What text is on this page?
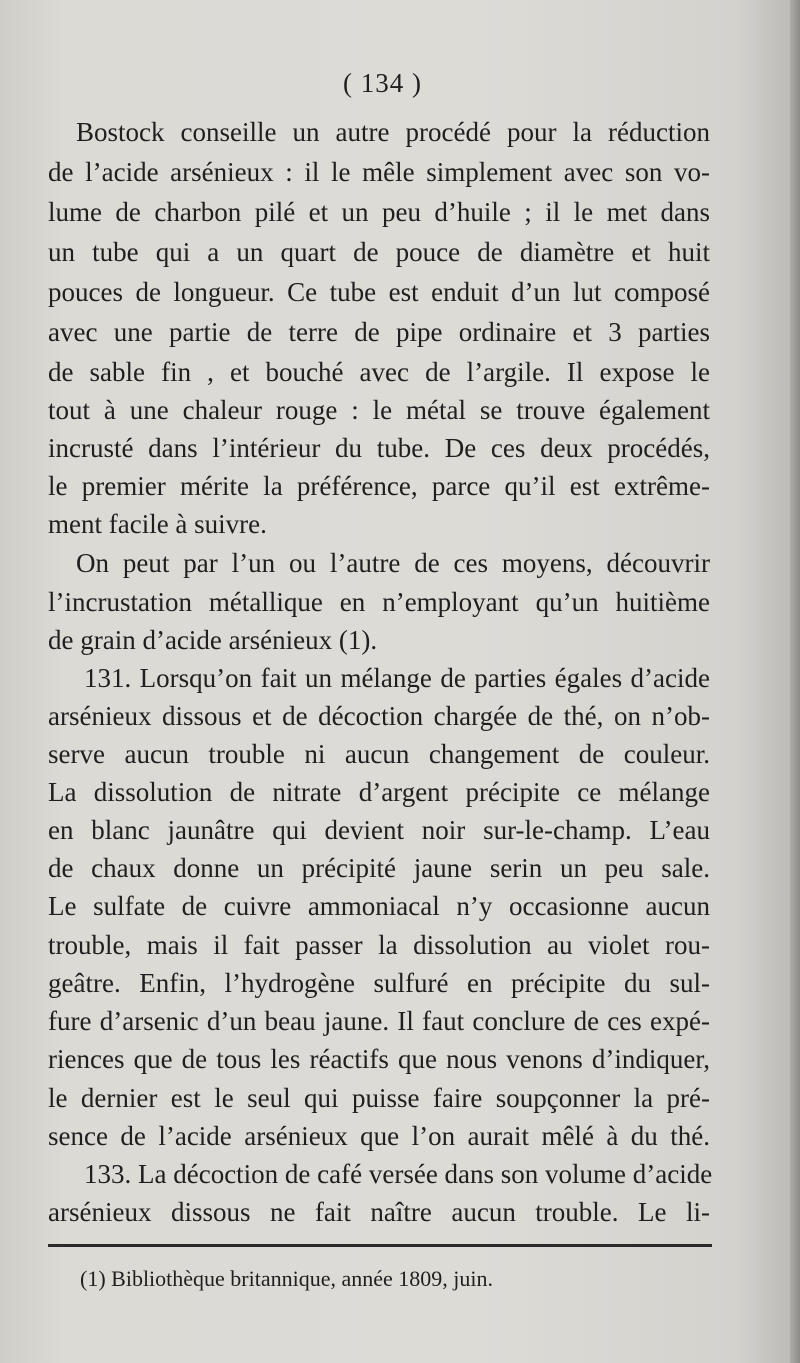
( 134 )
Bostock conseille un autre procédé pour la réduction
de l’acide arsénieux : il le mêle simplement avec son vo-
lume de charbon pilé et un peu d’huile ; il le met dans
un tube qui a un quart de pouce de diamètre et huit
pouces de longueur. Ce tube est enduit d’un lut composé
avec une partie de terre de pipe ordinaire et 3 parties
de sable fin , et bouché avec de l’argile. Il expose le
tout à une chaleur rouge : le métal se trouve également
incrusté dans l’intérieur du tube. De ces deux procédés,
le premier mérite la préférence, parce qu’il est extrême-
ment facile à suivre.
On peut par l’un ou l’autre de ces moyens, découvrir
l’incrustation métallique en n’employant qu’un huitième
de grain d’acide arsénieux (1).
131. Lorsqu’on fait un mélange de parties égales d’acide
arsénieux dissous et de décoction chargée de thé, on n’ob-
serve aucun trouble ni aucun changement de couleur.
La dissolution de nitrate d’argent précipite ce mélange
en blanc jaunâtre qui devient noir sur-le-champ. L’eau
de chaux donne un précipité jaune serin un peu sale.
Le sulfate de cuivre ammoniacal n’y occasionne aucun
trouble, mais il fait passer la dissolution au violet rou-
geâtre. Enfin, l’hydrogène sulfuré en précipite du sul-
fure d’arsenic d’un beau jaune. Il faut conclure de ces expé-
riences que de tous les réactifs que nous venons d’indiquer,
le dernier est le seul qui puisse faire soupçonner la pré-
sence de l’acide arsénieux que l’on aurait mêlé à du thé.
133. La décoction de café versée dans son volume d’acide
arsénieux dissous ne fait naître aucun trouble. Le li-
(1) Bibliothèque britannique, année 1809, juin.
